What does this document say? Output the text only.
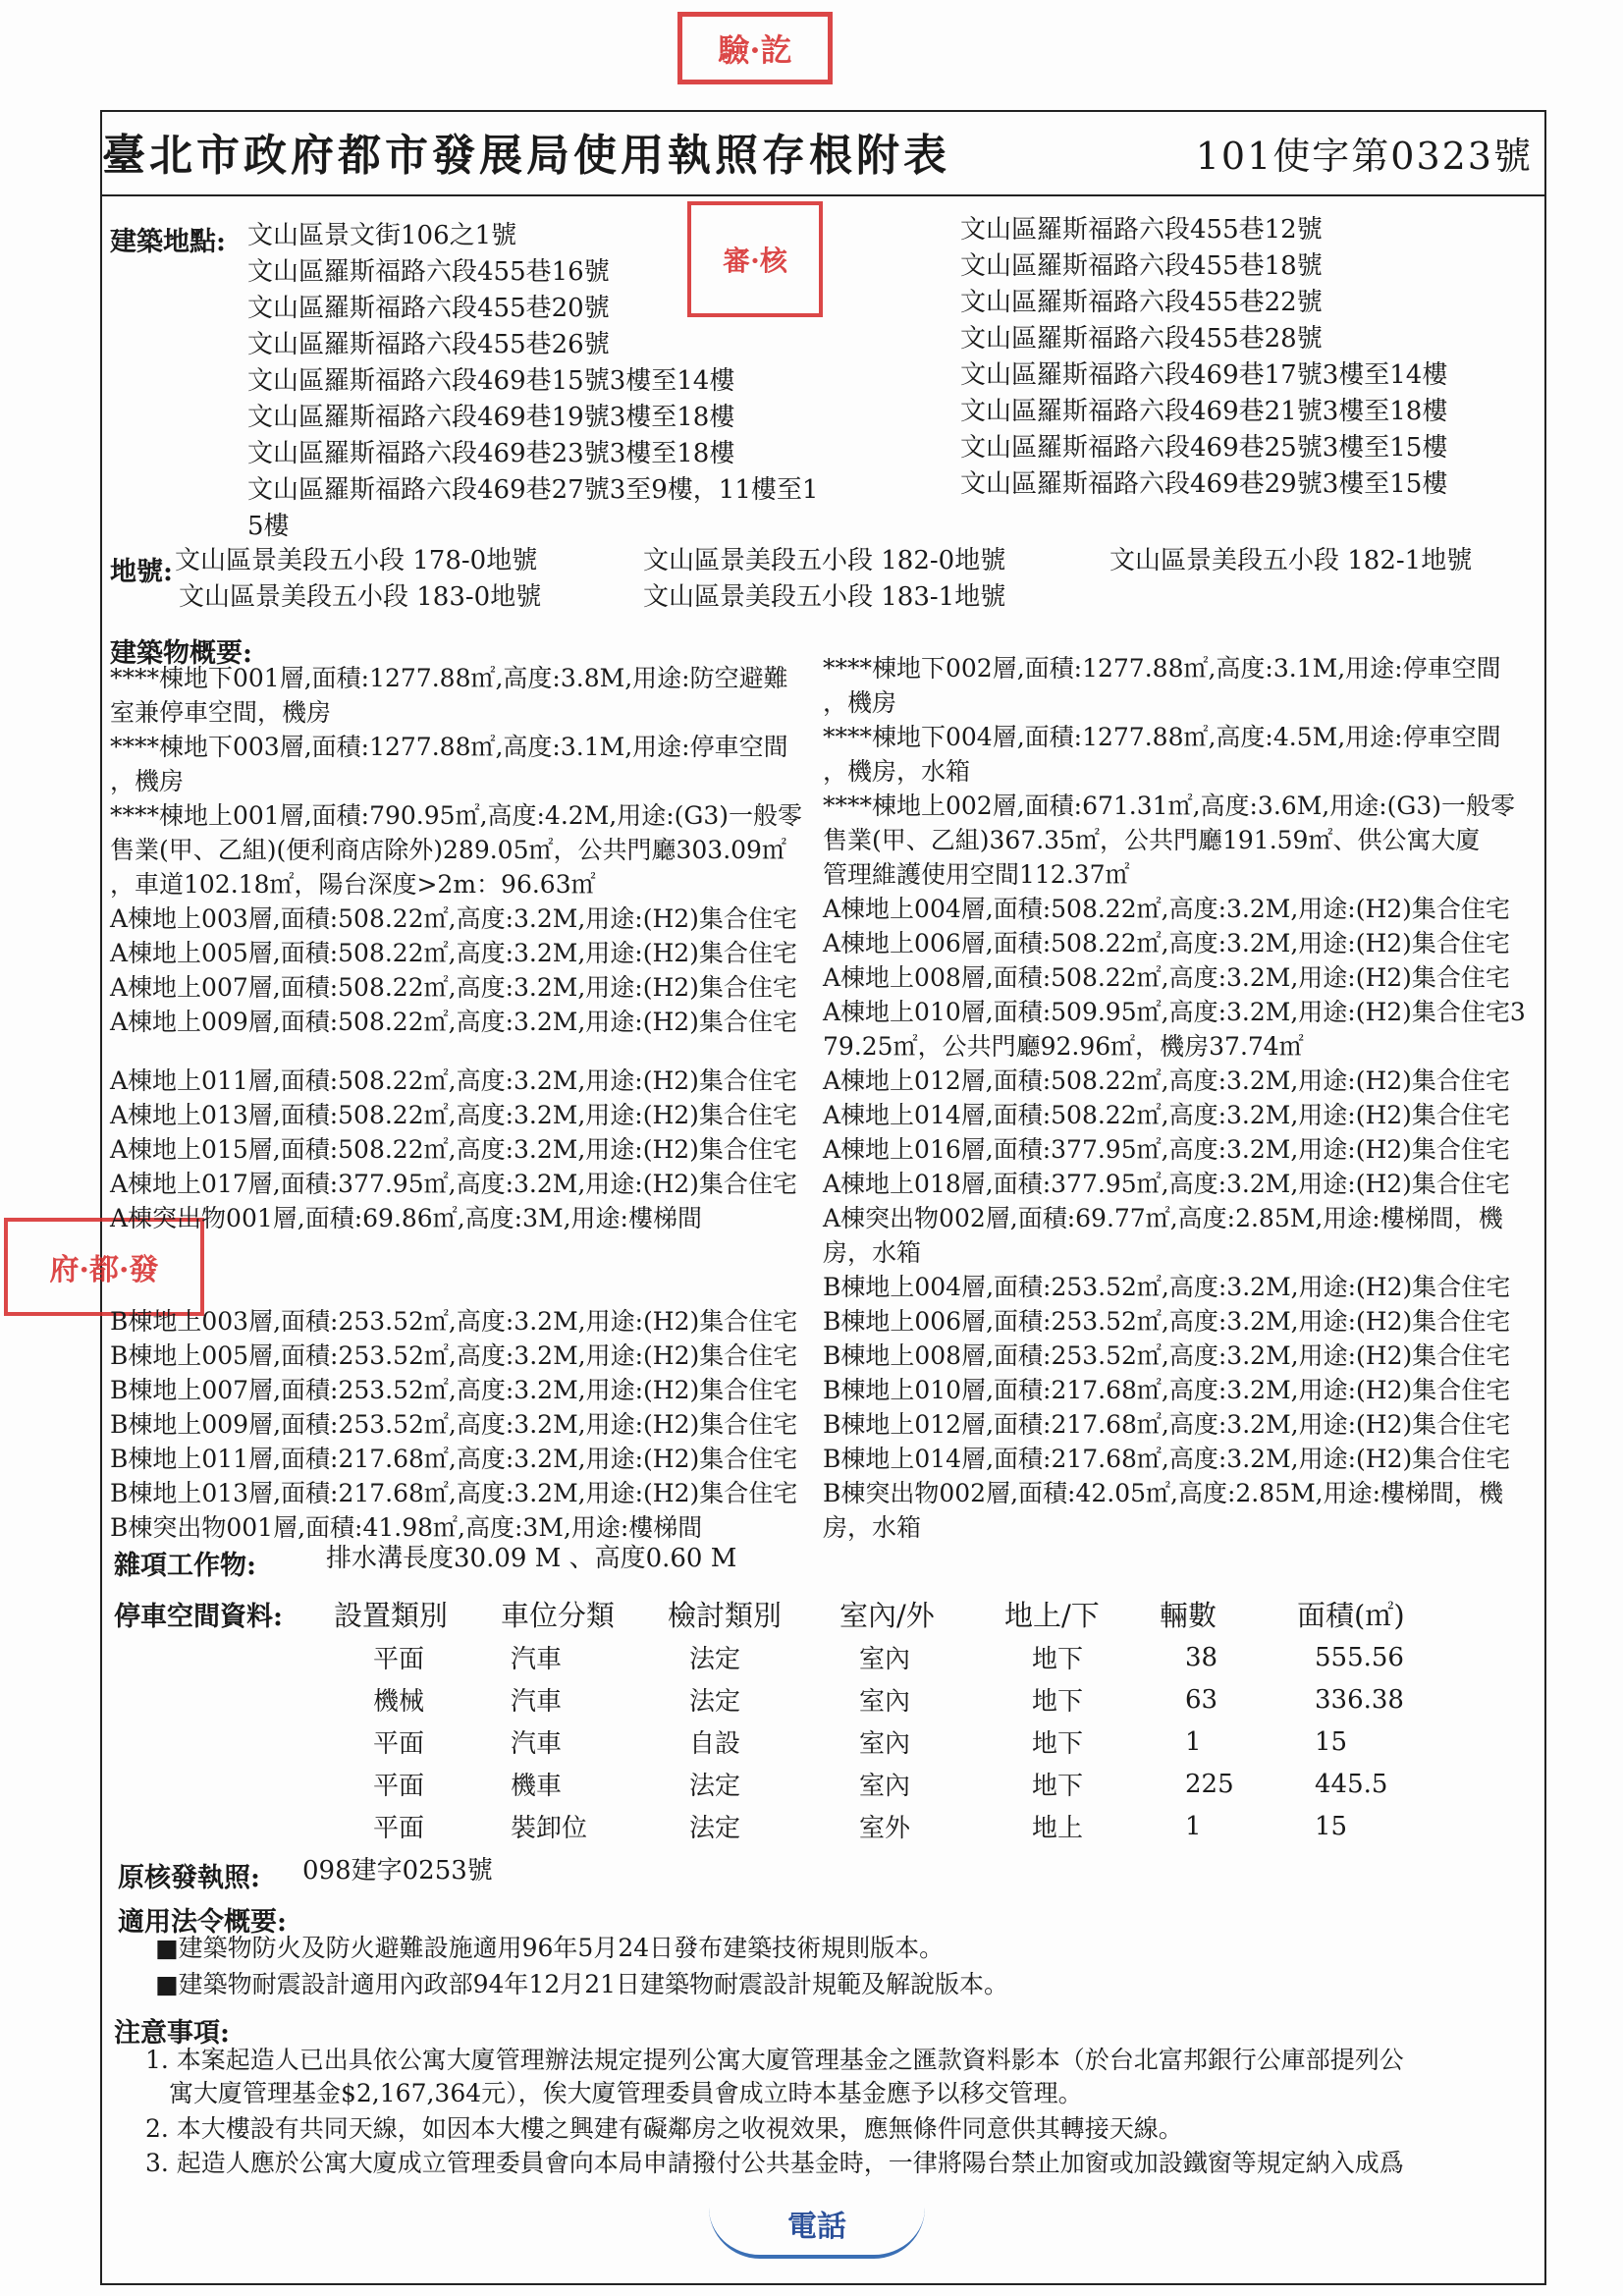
驗·訖
審·核
府·都·發
臺北市政府都市發展局使用執照存根附表	101使字第0323號
建築地點: 文山區景文街106之1號
文山區羅斯福路六段455巷16號
文山區羅斯福路六段455巷20號
文山區羅斯福路六段455巷26號
文山區羅斯福路六段469巷15號3樓至14樓
文山區羅斯福路六段469巷19號3樓至18樓
文山區羅斯福路六段469巷23號3樓至18樓
文山區羅斯福路六段469巷27號3至9樓，11樓至1
5樓
文山區羅斯福路六段455巷12號
文山區羅斯福路六段455巷18號
文山區羅斯福路六段455巷22號
文山區羅斯福路六段455巷28號
文山區羅斯福路六段469巷17號3樓至14樓
文山區羅斯福路六段469巷21號3樓至18樓
文山區羅斯福路六段469巷25號3樓至15樓
文山區羅斯福路六段469巷29號3樓至15樓
地號: 文山區景美段五小段 178-0地號	文山區景美段五小段 182-0地號	文山區景美段五小段 182-1地號
文山區景美段五小段 183-0地號	文山區景美段五小段 183-1地號
建築物概要:
****棟地下001層,面積:1277.88㎡,高度:3.8M,用途:防空避難
室兼停車空間，機房
****棟地下003層,面積:1277.88㎡,高度:3.1M,用途:停車空間
，機房
****棟地上001層,面積:790.95㎡,高度:4.2M,用途:(G3)一般零
售業(甲、乙組)(便利商店除外)289.05㎡，公共門廳303.09㎡
，車道102.18㎡，陽台深度>2m：96.63㎡
A棟地上003層,面積:508.22㎡,高度:3.2M,用途:(H2)集合住宅
A棟地上005層,面積:508.22㎡,高度:3.2M,用途:(H2)集合住宅
A棟地上007層,面積:508.22㎡,高度:3.2M,用途:(H2)集合住宅
A棟地上009層,面積:508.22㎡,高度:3.2M,用途:(H2)集合住宅
A棟地上011層,面積:508.22㎡,高度:3.2M,用途:(H2)集合住宅
A棟地上013層,面積:508.22㎡,高度:3.2M,用途:(H2)集合住宅
A棟地上015層,面積:508.22㎡,高度:3.2M,用途:(H2)集合住宅
A棟地上017層,面積:377.95㎡,高度:3.2M,用途:(H2)集合住宅
A棟突出物001層,面積:69.86㎡,高度:3M,用途:樓梯間
B棟地上003層,面積:253.52㎡,高度:3.2M,用途:(H2)集合住宅
B棟地上005層,面積:253.52㎡,高度:3.2M,用途:(H2)集合住宅
B棟地上007層,面積:253.52㎡,高度:3.2M,用途:(H2)集合住宅
B棟地上009層,面積:253.52㎡,高度:3.2M,用途:(H2)集合住宅
B棟地上011層,面積:217.68㎡,高度:3.2M,用途:(H2)集合住宅
B棟地上013層,面積:217.68㎡,高度:3.2M,用途:(H2)集合住宅
B棟突出物001層,面積:41.98㎡,高度:3M,用途:樓梯間
****棟地下002層,面積:1277.88㎡,高度:3.1M,用途:停車空間
，機房
****棟地下004層,面積:1277.88㎡,高度:4.5M,用途:停車空間
，機房，水箱
****棟地上002層,面積:671.31㎡,高度:3.6M,用途:(G3)一般零
售業(甲、乙組)367.35㎡，公共門廳191.59㎡、供公寓大廈
管理維護使用空間112.37㎡
A棟地上004層,面積:508.22㎡,高度:3.2M,用途:(H2)集合住宅
A棟地上006層,面積:508.22㎡,高度:3.2M,用途:(H2)集合住宅
A棟地上008層,面積:508.22㎡,高度:3.2M,用途:(H2)集合住宅
A棟地上010層,面積:509.95㎡,高度:3.2M,用途:(H2)集合住宅3
79.25㎡，公共門廳92.96㎡，機房37.74㎡
A棟地上012層,面積:508.22㎡,高度:3.2M,用途:(H2)集合住宅
A棟地上014層,面積:508.22㎡,高度:3.2M,用途:(H2)集合住宅
A棟地上016層,面積:377.95㎡,高度:3.2M,用途:(H2)集合住宅
A棟地上018層,面積:377.95㎡,高度:3.2M,用途:(H2)集合住宅
A棟突出物002層,面積:69.77㎡,高度:2.85M,用途:樓梯間，機
房，水箱
B棟地上004層,面積:253.52㎡,高度:3.2M,用途:(H2)集合住宅
B棟地上006層,面積:253.52㎡,高度:3.2M,用途:(H2)集合住宅
B棟地上008層,面積:253.52㎡,高度:3.2M,用途:(H2)集合住宅
B棟地上010層,面積:217.68㎡,高度:3.2M,用途:(H2)集合住宅
B棟地上012層,面積:217.68㎡,高度:3.2M,用途:(H2)集合住宅
B棟地上014層,面積:217.68㎡,高度:3.2M,用途:(H2)集合住宅
B棟突出物002層,面積:42.05㎡,高度:2.85M,用途:樓梯間，機
房，水箱
雜項工作物:	排水溝長度30.09 M 、高度0.60 M
停車空間資料: 設置類別	車位分類	檢討類別	室內/外	地上/下	輛數	面積(㎡)
平面	汽車	法定	室內	地下	38	555.56
機械	汽車	法定	室內	地下	63	336.38
平面	汽車	自設	室內	地下	1	15
平面	機車	法定	室內	地下	225	445.5
平面	裝卸位	法定	室外	地上	1	15
原核發執照: 098建字0253號
適用法令概要:
■建築物防火及防火避難設施適用96年5月24日發布建築技術規則版本。
■建築物耐震設計適用內政部94年12月21日建築物耐震設計規範及解說版本。
注意事項:
1. 本案起造人已出具依公寓大廈管理辦法規定提列公寓大廈管理基金之匯款資料影本（於台北富邦銀行公庫部提列公
寓大廈管理基金$2,167,364元），俟大廈管理委員會成立時本基金應予以移交管理。
2. 本大樓設有共同天線，如因本大樓之興建有礙鄰房之收視效果，應無條件同意供其轉接天線。
3. 起造人應於公寓大廈成立管理委員會向本局申請撥付公共基金時，一律將陽台禁止加窗或加設鐵窗等規定納入成爲
電話
